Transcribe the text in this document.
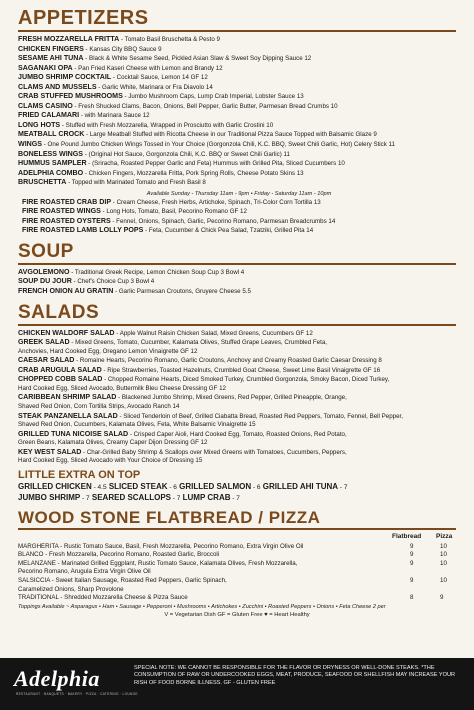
APPETIZERS
FRESH MOZZARELLA FRITTA - Tomato Basil Bruschetta & Pesto 9
CHICKEN FINGERS - Kansas City BBQ Sauce 9
SESAME AHI TUNA - Black & White Sesame Seed, Pickled Asian Slaw & Sweet Soy Dipping Sauce 12
SAGANAKI OPA - Pan Fried Kaseri Cheese with Lemon and Brandy 12
JUMBO SHRIMP COCKTAIL - Cocktail Sauce, Lemon 14 GF 12
CLAMS AND MUSSELS - Garlic White, Marinara or Fra Diavolo 14
CRAB STUFFED MUSHROOMS - Jumbo Mushroom Caps, Lump Crab Imperial, Lobster Sauce 13
CLAMS CASINO - Fresh Shucked Clams, Bacon, Onions, Bell Pepper, Garlic Butter, Parmesan Bread Crumbs 10
FRIED CALAMARI - with Marinara Sauce 12
LONG HOTS - Stuffed with Fresh Mozzarella, Wrapped in Prosciutto with Garlic Crostini 10
MEATBALL CROCK - Large Meatball Stuffed with Ricotta Cheese in our Traditional Pizza Sauce Topped with Balsamic Glaze 9
WINGS - One Pound Jumbo Chicken Wings Tossed in Your Choice (Gorgonzola Chili, K.C. BBQ, Sweet Chili Garlic, Hot) Celery Stick 11
BONELESS WINGS - (Original Hot Sauce, Gorgonzola Chili, K.C. BBQ or Sweet Chili Garlic) 11
HUMMUS SAMPLER - (Sriracha, Roasted Pepper Garlic and Feta) Hummus with Grilled Pita, Sliced Cucumbers 10
ADELPHIA COMBO - Chicken Fingers, Mozzarella Fritta, Pork Spring Rolls, Cheese Potato Skins 13
BRUSCHETTA - Topped with Marinated Tomato and Fresh Basil 8
Available Sunday - Thursday 11am - 9pm • Friday - Saturday 11am - 10pm
FIRE ROASTED CRAB DIP - Cream Cheese, Fresh Herbs, Artichoke, Spinach, Tri-Color Corn Tortilla 13
FIRE ROASTED WINGS - Long Hots, Tomato, Basil, Pecorino Romano GF 12
FIRE ROASTED OYSTERS - Fennel, Onions, Spinach, Garlic, Pecorino Romano, Parmesan Breadcrumbs 14
FIRE ROASTED LAMB LOLLY POPS - Feta, Cucumber & Chick Pea Salad, Tzatziki, Grilled Pita 14
SOUP
AVGOLEMONO - Traditional Greek Recipe, Lemon Chicken Soup Cup 3 Bowl 4
SOUP DU JOUR - Chef's Choice Cup 3 Bowl 4
FRENCH ONION AU GRATIN - Garlic Parmesan Croutons, Gruyere Cheese 5.5
SALADS
CHICKEN WALDORF SALAD - Apple Walnut Raisin Chicken Salad, Mixed Greens, Cucumbers GF 12
GREEK SALAD - Mixed Greens, Tomato, Cucumber, Kalamata Olives, Stuffed Grape Leaves, Crumbled Feta,
Anchovies, Hard Cooked Egg, Oregano Lemon Vinaigrette GF 12
CAESAR SALAD - Romaine Hearts, Pecorino Romano, Garlic Croutons, Anchovy and Creamy Roasted Garlic Caesar Dressing 8
CRAB ARUGULA SALAD - Ripe Strawberries, Toasted Hazelnuts, Crumbled Goat Cheese, Sweet Lime Basil Vinaigrette GF 16
CHOPPED COBB SALAD - Chopped Romaine Hearts, Diced Smoked Turkey, Crumbled Gorgonzola, Smoky Bacon, Diced Turkey,
Hard Cooked Egg, Sliced Avocado, Buttermilk Bleu Cheese Dressing GF 12
CARIBBEAN SHRIMP SALAD - Blackened Jumbo Shrimp, Mixed Greens, Red Pepper, Grilled Pineapple, Orange,
Shaved Red Onion, Corn Tortilla Strips, Avocado Ranch 14
STEAK PANZANELLA SALAD - Sliced Tenderloin of Beef, Grilled Ciabatta Bread, Roasted Red Peppers, Tomato, Fennel, Bell Pepper,
Shaved Red Onion, Cucumbers, Kalamata Olives, Feta, White Balsamic Vinaigrette 15
GRILLED TUNA NICOISE SALAD - Crisped Caper Aioli, Hard Cooked Egg, Tomato, Roasted Onions, Red Potato,
Green Beans, Kalamata Olives, Creamy Caper Dijon Dressing GF 12
KEY WEST SALAD - Char-Grilled Baby Shrimp & Scallops over Mixed Greens with Tomatoes, Cucumbers, Peppers,
Hard Cooked Egg, Sliced Avocado with Your Choice of Dressing 15
LITTLE EXTRA ON TOP
GRILLED CHICKEN - 4.5 SLICED STEAK - 6 GRILLED SALMON - 6 GRILLED AHI TUNA - 7
JUMBO SHRIMP - 7 SEARED SCALLOPS - 7 LUMP CRAB - 7
WOOD STONE FLATBREAD / PIZZA
Flatbread Pizza
MARGHERITA - Rustic Tomato Sauce, Basil, Fresh Mozzarella, Pecorino Romano, Extra Virgin Olive Oil	9	10
BLANCO - Fresh Mozzarella, Pecorino Romano, Roasted Garlic, Broccoli	9	10
MELANZANE - Marinated Grilled Eggplant, Rustic Tomato Sauce, Kalamata Olives, Fresh Mozzarella,	9	10
Pecorino Romano, Arugula Extra Virgin Olive Oil
SALSICCIA - Sweet Italian Sausage, Roasted Red Peppers, Garlic Spinach,	9	10
Caramelized Onions, Sharp Provolone
TRADITIONAL - Shredded Mozzarella Cheese & Pizza Sauce	8	9
Toppings Available ~ Asparagus • Ham • Sausage • Pepperoni • Mushrooms • Artichokes • Zucchini • Roasted Peppers • Onions • Feta Cheese 2 per
V = Vegetarian Dish GF = Gluten Free ♥ = Heart Healthy
Adelphia
RESTAURANT · BANQUETS · BAKERY · PIZZA · CATERING · LOUNGE
SPECIAL NOTE: WE CANNOT BE RESPONSIBLE FOR THE FLAVOR OR DRYNESS OR WELL-DONE STEAKS. *THE CONSUMPTION OF RAW OR UNDERCOOKED EGGS, MEAT, PRODUCE, SEAFOOD OR SHELLFISH MAY INCREASE YOUR RISH OF FOOD BORNE ILLNESS. GF - GLUTEN FREE
